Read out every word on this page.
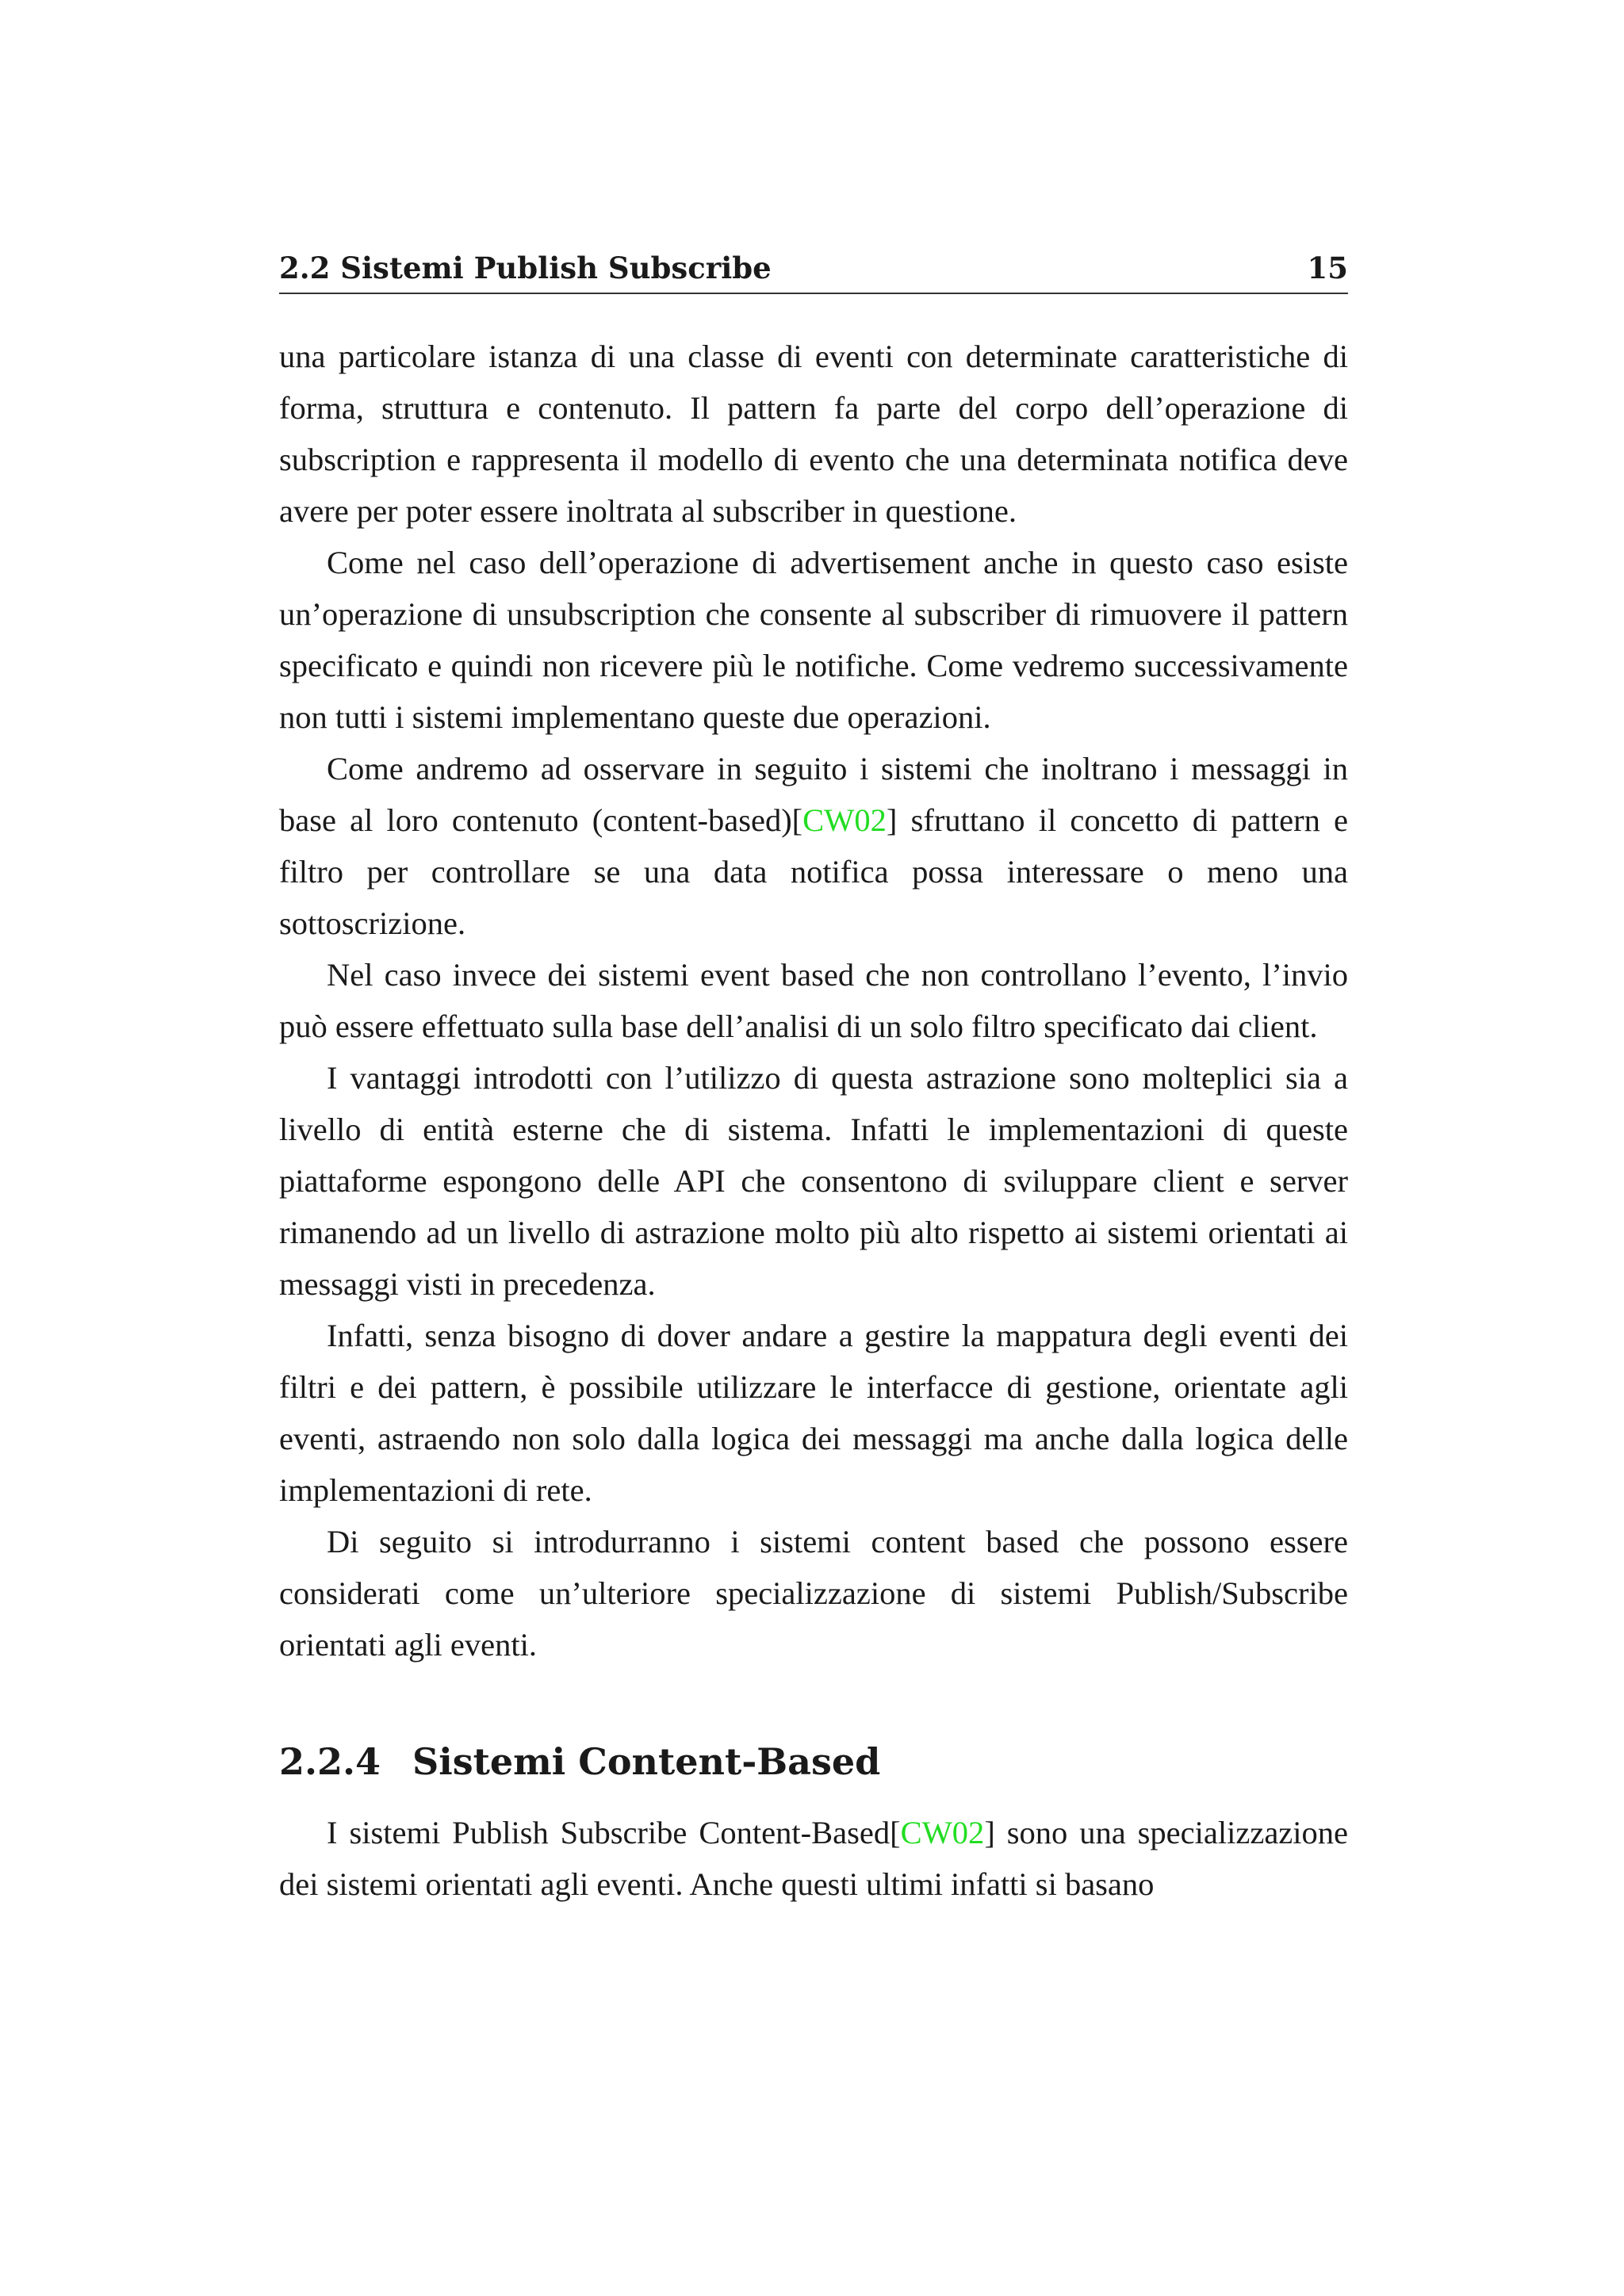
2.2 Sistemi Publish Subscribe	15

una particolare istanza di una classe di eventi con determinate caratteristiche di forma, struttura e contenuto. Il pattern fa parte del corpo dell’operazione di subscription e rappresenta il modello di evento che una determinata notifica deve avere per poter essere inoltrata al subscriber in questione.

Come nel caso dell’operazione di advertisement anche in questo caso esiste un’operazione di unsubscription che consente al subscriber di rimuovere il pattern specificato e quindi non ricevere più le notifiche. Come vedremo successivamente non tutti i sistemi implementano queste due operazioni.

Come andremo ad osservare in seguito i sistemi che inoltrano i messaggi in base al loro contenuto (content-based)[CW02] sfruttano il concetto di pattern e filtro per controllare se una data notifica possa interessare o meno una sottoscrizione.

Nel caso invece dei sistemi event based che non controllano l’evento, l’invio può essere effettuato sulla base dell’analisi di un solo filtro specificato dai client.

I vantaggi introdotti con l’utilizzo di questa astrazione sono molteplici sia a livello di entità esterne che di sistema. Infatti le implementazioni di queste piattaforme espongono delle API che consentono di sviluppare client e server rimanendo ad un livello di astrazione molto più alto rispetto ai sistemi orientati ai messaggi visti in precedenza.

Infatti, senza bisogno di dover andare a gestire la mappatura degli eventi dei filtri e dei pattern, è possibile utilizzare le interfacce di gestione, orientate agli eventi, astraendo non solo dalla logica dei messaggi ma anche dalla logica delle implementazioni di rete.

Di seguito si introdurranno i sistemi content based che possono essere considerati come un’ulteriore specializzazione di sistemi Publish/Subscribe orientati agli eventi.

2.2.4 Sistemi Content-Based

I sistemi Publish Subscribe Content-Based[CW02] sono una specializzazione dei sistemi orientati agli eventi. Anche questi ultimi infatti si basano
